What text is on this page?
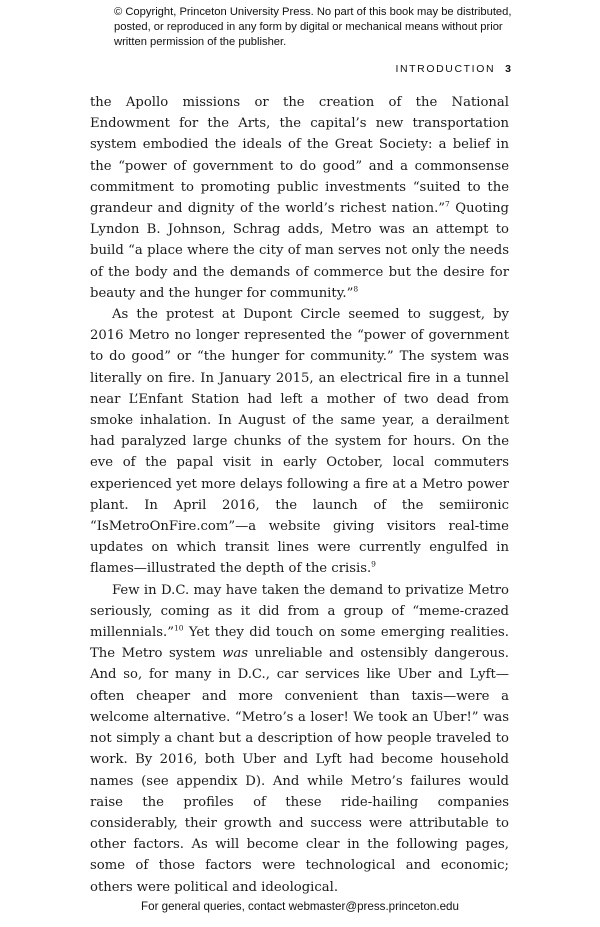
© Copyright, Princeton University Press. No part of this book may be distributed, posted, or reproduced in any form by digital or mechanical means without prior written permission of the publisher.
INTRODUCTION 3

the Apollo missions or the creation of the National Endowment for the Arts, the capital’s new transportation system embodied the ideals of the Great Society: a belief in the “power of government to do good” and a commonsense commitment to promoting public investments “suited to the grandeur and dignity of the world’s richest nation.”$^7$ Quoting Lyndon B. Johnson, Schrag adds, Metro was an attempt to build “a place where the city of man serves not only the needs of the body and the demands of commerce but the desire for beauty and the hunger for community.”$^8$

As the protest at Dupont Circle seemed to suggest, by 2016 Metro no longer represented the “power of government to do good” or “the hunger for community.” The system was literally on fire. In January 2015, an electrical fire in a tunnel near L’Enfant Station had left a mother of two dead from smoke inhalation. In August of the same year, a derailment had paralyzed large chunks of the system for hours. On the eve of the papal visit in early October, local commuters experienced yet more delays following a fire at a Metro power plant. In April 2016, the launch of the semiironic “IsMetroOnFire.com”—a website giving visitors real-time updates on which transit lines were currently engulfed in flames—illustrated the depth of the crisis.$^9$

Few in D.C. may have taken the demand to privatize Metro seriously, coming as it did from a group of “meme-crazed millennials.”$^{10}$ Yet they did touch on some emerging realities. The Metro system was unreliable and ostensibly dangerous. And so, for many in D.C., car services like Uber and Lyft—often cheaper and more convenient than taxis—were a welcome alternative. “Metro’s a loser! We took an Uber!” was not simply a chant but a description of how people traveled to work. By 2016, both Uber and Lyft had become household names (see appendix D). And while Metro’s failures would raise the profiles of these ride-hailing companies considerably, their growth and success were attributable to other factors. As will become clear in the following pages, some of those factors were technological and economic; others were political and ideological.

For general queries, contact webmaster@press.princeton.edu
